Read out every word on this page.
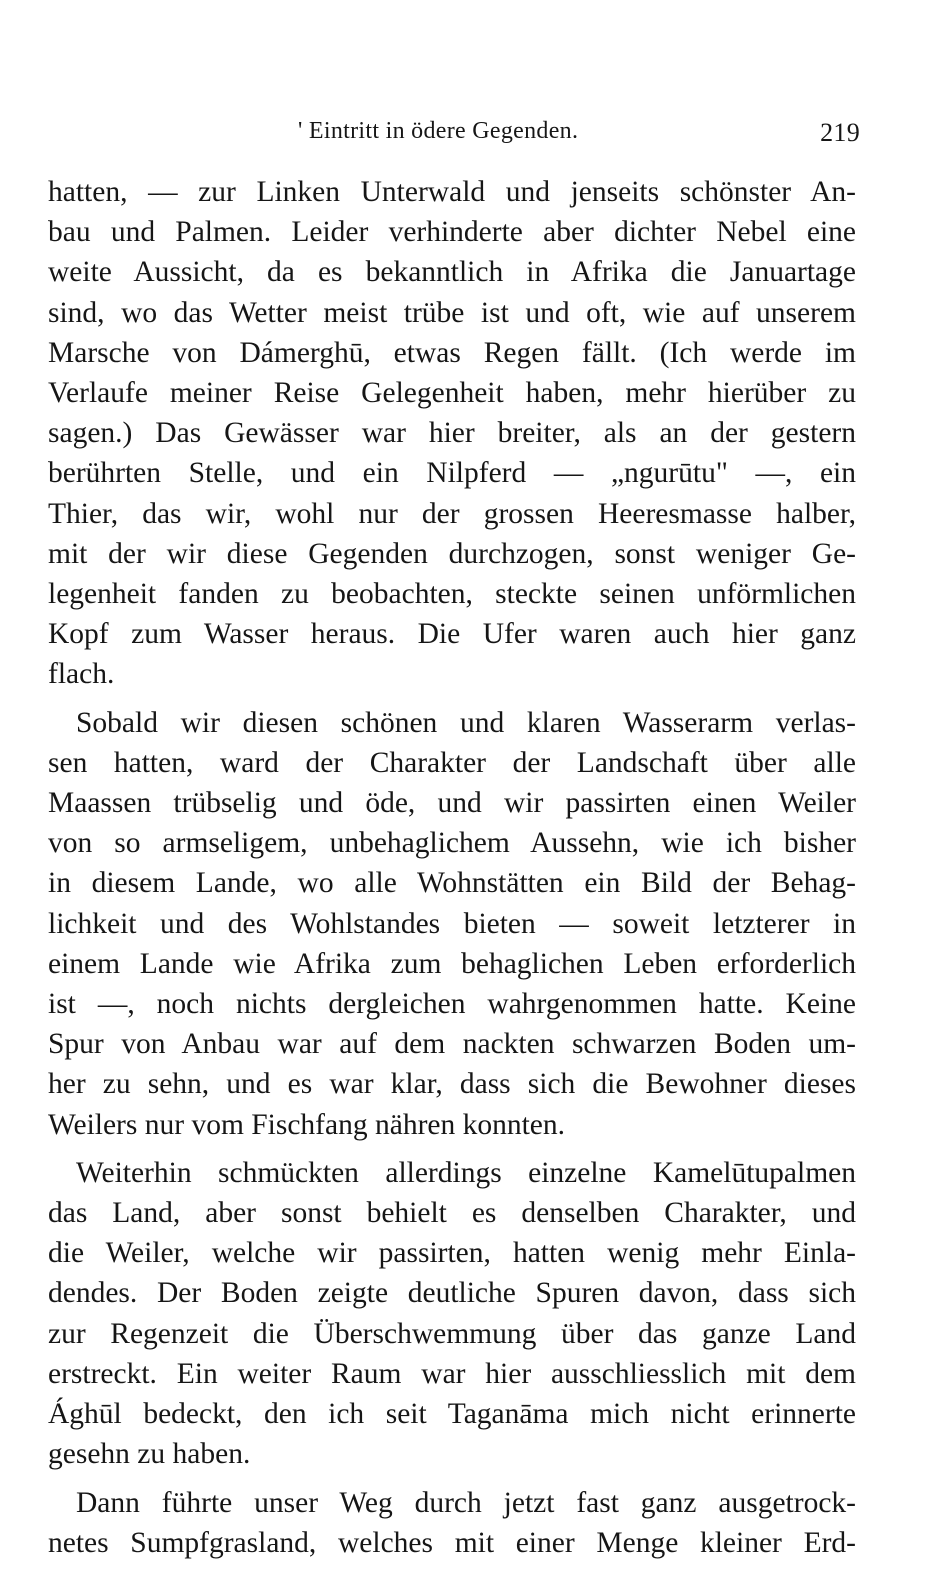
' Eintritt in ödere Gegenden.	219

hatten, — zur Linken Unterwald und jenseits schönster An-
bau und Palmen. Leider verhinderte aber dichter Nebel eine
weite Aussicht, da es bekanntlich in Afrika die Januartage
sind, wo das Wetter meist trübe ist und oft, wie auf unserem
Marsche von Dámerghū, etwas Regen fällt. (Ich werde im
Verlaufe meiner Reise Gelegenheit haben, mehr hierüber zu
sagen.) Das Gewässer war hier breiter, als an der gestern
berührten Stelle, und ein Nilpferd — „ngurūtu" —, ein
Thier, das wir, wohl nur der grossen Heeresmasse halber,
mit der wir diese Gegenden durchzogen, sonst weniger Ge-
legenheit fanden zu beobachten, steckte seinen unförmlichen
Kopf zum Wasser heraus. Die Ufer waren auch hier ganz
flach.

Sobald wir diesen schönen und klaren Wasserarm verlas-
sen hatten, ward der Charakter der Landschaft über alle
Maassen trübselig und öde, und wir passirten einen Weiler
von so armseligem, unbehaglichem Aussehn, wie ich bisher
in diesem Lande, wo alle Wohnstätten ein Bild der Behag-
lichkeit und des Wohlstandes bieten — soweit letzterer in
einem Lande wie Afrika zum behaglichen Leben erforderlich
ist —, noch nichts dergleichen wahrgenommen hatte. Keine
Spur von Anbau war auf dem nackten schwarzen Boden um-
her zu sehn, und es war klar, dass sich die Bewohner dieses
Weilers nur vom Fischfang nähren konnten.

Weiterhin schmückten allerdings einzelne Kamelūtupalmen
das Land, aber sonst behielt es denselben Charakter, und
die Weiler, welche wir passirten, hatten wenig mehr Einla-
dendes. Der Boden zeigte deutliche Spuren davon, dass sich
zur Regenzeit die Überschwemmung über das ganze Land
erstreckt. Ein weiter Raum war hier ausschliesslich mit dem
Ághūl bedeckt, den ich seit Taganāma mich nicht erinnerte
gesehn zu haben.

Dann führte unser Weg durch jetzt fast ganz ausgetrock-
netes Sumpfgrasland, welches mit einer Menge kleiner Erd-
